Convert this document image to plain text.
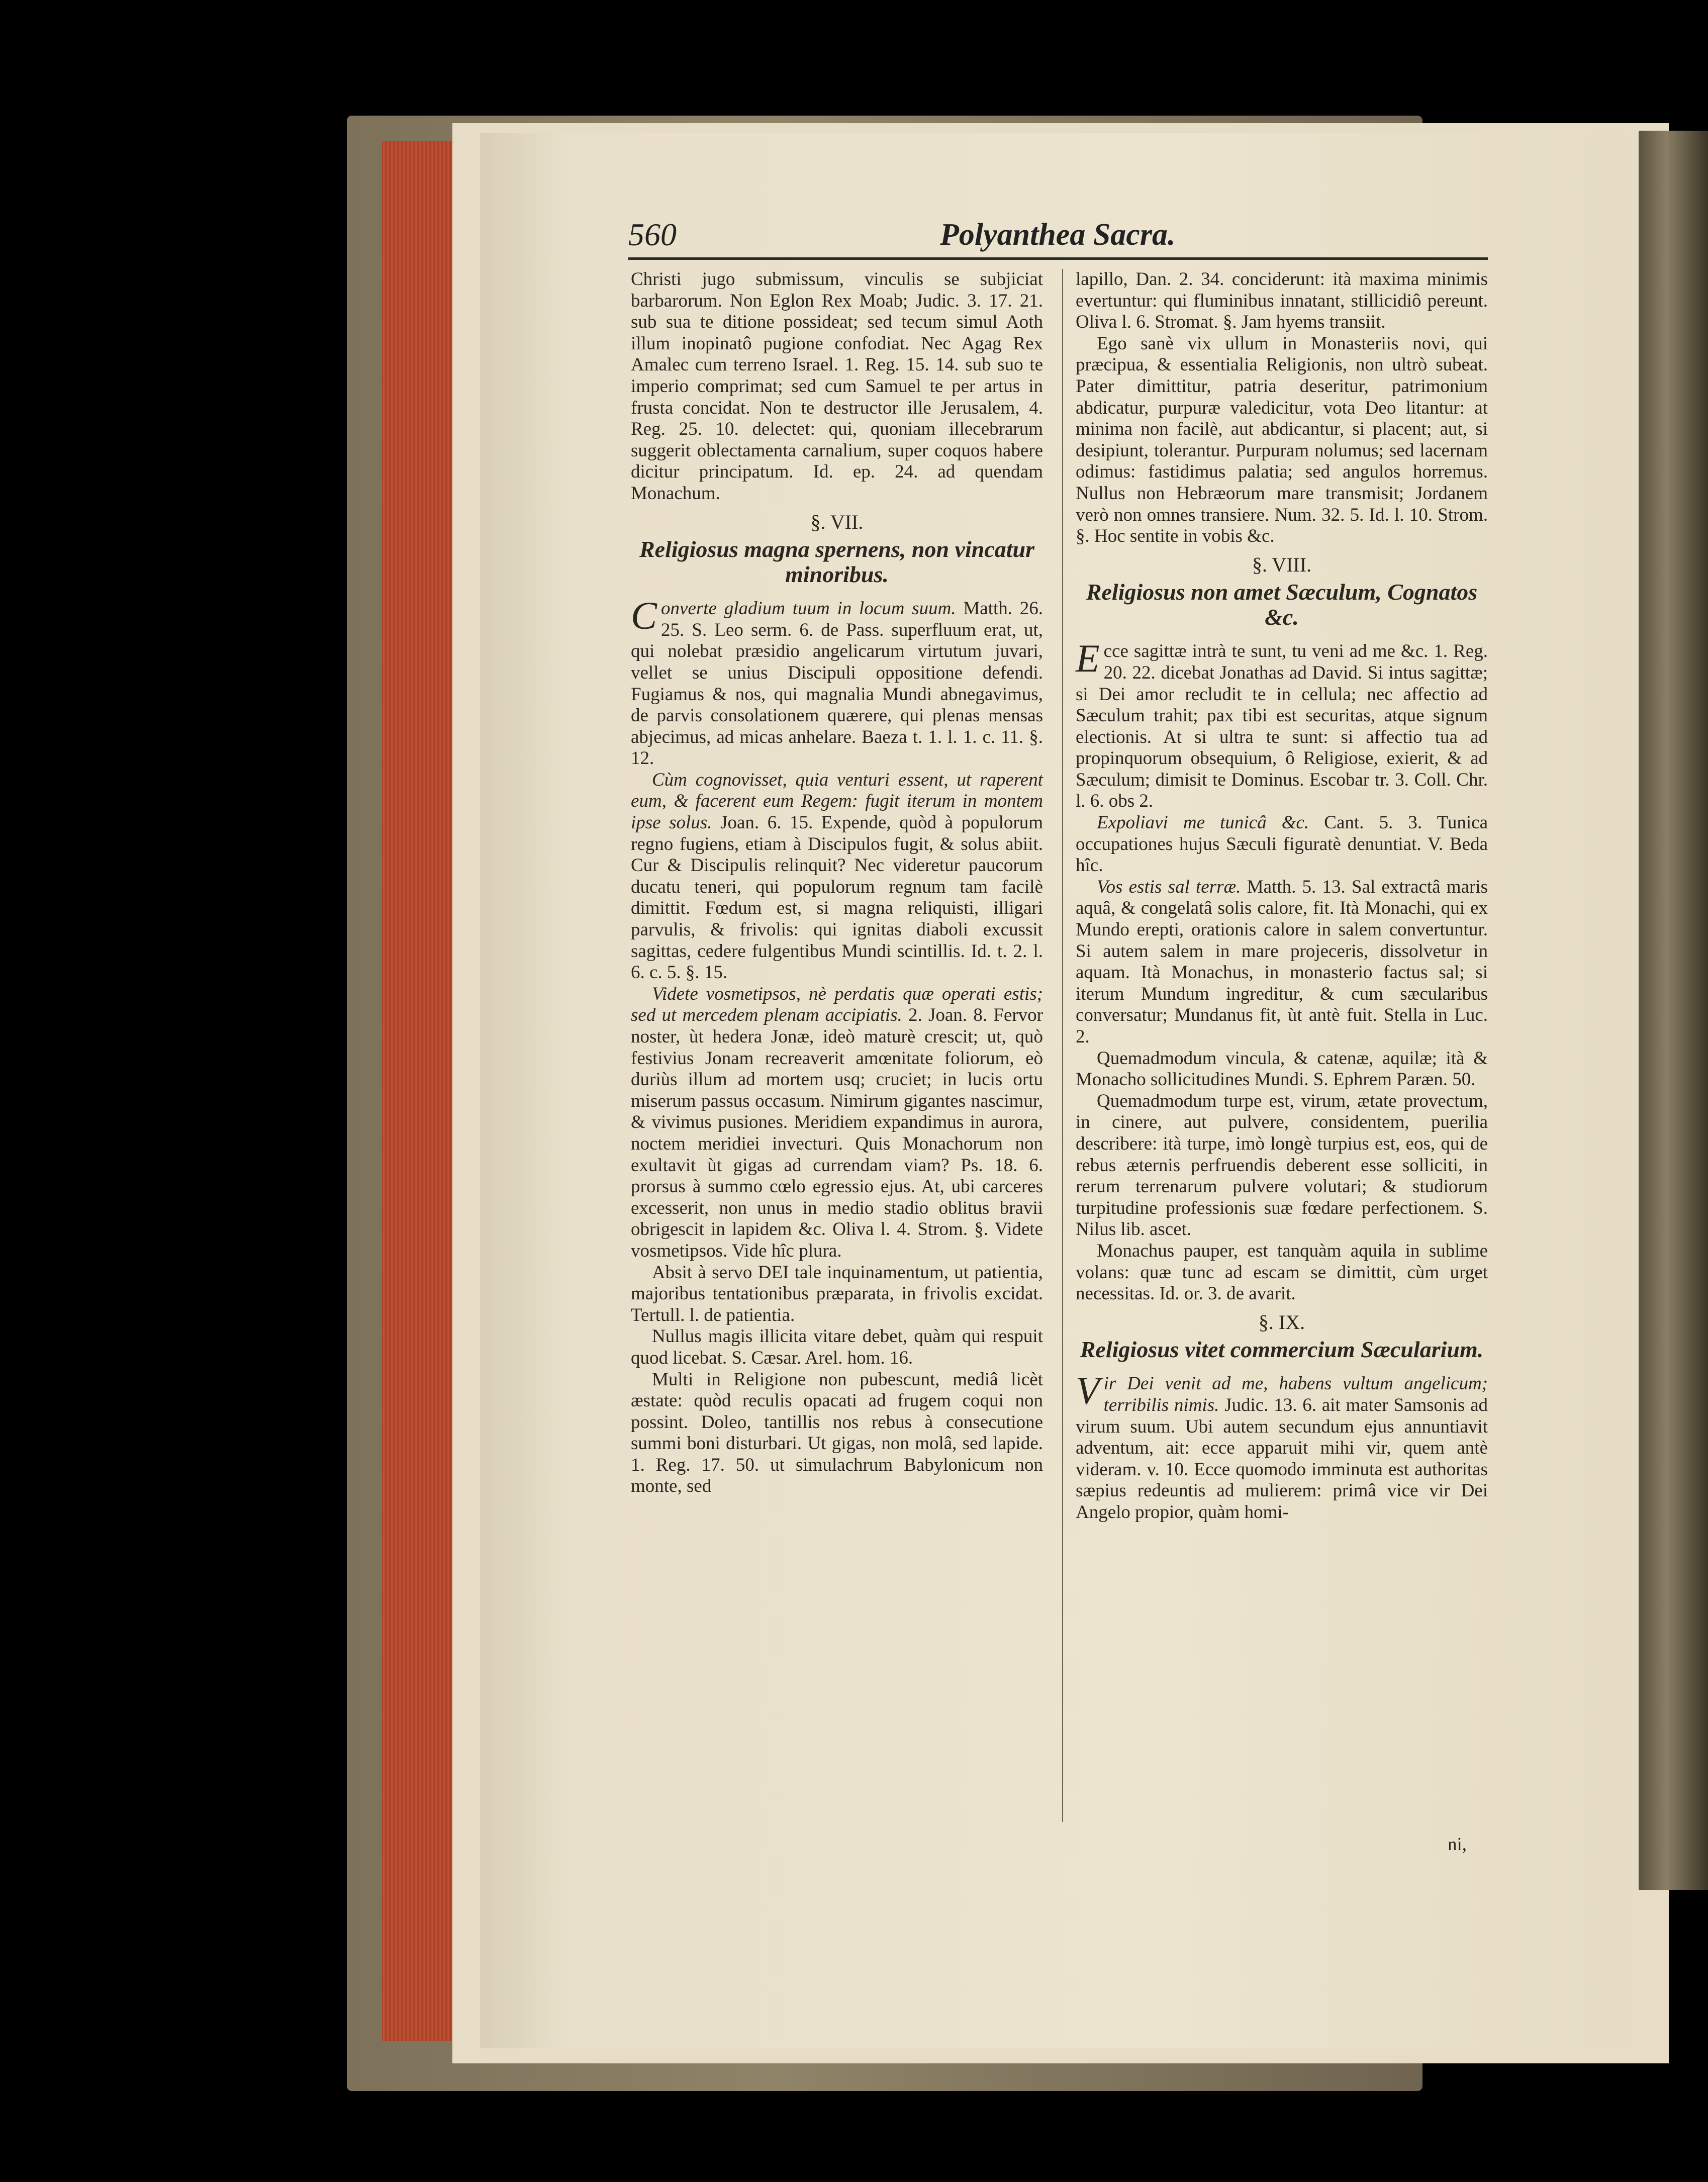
560	Polyanthea Sacra.

Christi jugo submissum, vinculis se subjiciat barbarorum. Non Eglon Rex Moab; Judic. 3. 17. 21. sub sua te ditione possideat; sed tecum simul Aoth illum inopinatô pugione confodiat. Nec Agag Rex Amalec cum terreno Israel. 1. Reg. 15. 14. sub suo te imperio comprimat; sed cum Samuel te per artus in frusta concidat. Non te destructor ille Jerusalem, 4. Reg. 25. 10. delectet: qui, quoniam illecebrarum suggerit oblectamenta carnalium, super coquos habere dicitur principatum. Id. ep. 24. ad quendam Monachum.

§. VII.
Religiosus magna spernens, non vincatur minoribus.

Converte gladium tuum in locum suum. Matth. 26. 25. S. Leo serm. 6. de Pass. superfluum erat, ut, qui nolebat præsidio angelicarum virtutum juvari, vellet se unius Discipuli oppositione defendi. Fugiamus & nos, qui magnalia Mundi abnegavimus, de parvis consolationem quærere, qui plenas mensas abjecimus, ad micas anhelare. Baeza t. 1. l. 1. c. 11. §. 12.

Cùm cognovisset, quia venturi essent, ut raperent eum, & facerent eum Regem: fugit iterum in montem ipse solus. Joan. 6. 15. Expende, quòd à populorum regno fugiens, etiam à Discipulos fugit, & solus abiit. Cur & Discipulis relinquit? Nec videretur paucorum ducatu teneri, qui populorum regnum tam facilè dimittit. Fœdum est, si magna reliquisti, illigari parvulis, & frivolis: qui ignitas diaboli excussit sagittas, cedere fulgentibus Mundi scintillis. Id. t. 2. l. 6. c. 5. §. 15.

Videte vosmetipsos, nè perdatis quæ operati estis; sed ut mercedem plenam accipiatis. 2. Joan. 8. Fervor noster, ùt hedera Jonæ, ideò maturè crescit; ut, quò festivius Jonam recreaverit amœnitate foliorum, eò duriùs illum ad mortem usq; cruciet; in lucis ortu miserum passus occasum. Nimirum gigantes nascimur, & vivimus pusiones. Meridiem expandimus in aurora, noctem meridiei invecturi. Quis Monachorum non exultavit ùt gigas ad currendam viam? Ps. 18. 6. prorsus à summo cœlo egressio ejus. At, ubi carceres excesserit, non unus in medio stadio oblitus bravii obrigescit in lapidem &c. Oliva l. 4. Strom. §. Videte vosmetipsos. Vide hîc plura.

Absit à servo DEI tale inquinamentum, ut patientia, majoribus tentationibus præparata, in frivolis excidat. Tertull. l. de patientia.

Nullus magis illicita vitare debet, quàm qui respuit quod licebat. S. Cæsar. Arel. hom. 16.

Multi in Religione non pubescunt, mediâ licèt æstate: quòd reculis opacati ad frugem coqui non possint. Doleo, tantillis nos rebus à consecutione summi boni disturbari. Ut gigas, non molâ, sed lapide. 1. Reg. 17. 50. ut simulachrum Babylonicum non monte, sed

lapillo, Dan. 2. 34. conciderunt: ità maxima minimis evertuntur: qui fluminibus innatant, stillicidiô pereunt. Oliva l. 6. Stromat. §. Jam hyems transiit.

Ego sanè vix ullum in Monasteriis novi, qui præcipua, & essentialia Religionis, non ultrò subeat. Pater dimittitur, patria deseritur, patrimonium abdicatur, purpuræ valedicitur, vota Deo litantur: at minima non facilè, aut abdicantur, si placent; aut, si desipiunt, tolerantur. Purpuram nolumus; sed lacernam odimus: fastidimus palatia; sed angulos horremus. Nullus non Hebræorum mare transmisit; Jordanem verò non omnes transiere. Num. 32. 5. Id. l. 10. Strom. §. Hoc sentite in vobis &c.

§. VIII.
Religiosus non amet Sæculum, Cognatos &c.

Ecce sagittæ intrà te sunt, tu veni ad me &c. 1. Reg. 20. 22. dicebat Jonathas ad David. Si intus sagittæ; si Dei amor recludit te in cellula; nec affectio ad Sæculum trahit; pax tibi est securitas, atque signum electionis. At si ultra te sunt: si affectio tua ad propinquorum obsequium, ô Religiose, exierit, & ad Sæculum; dimisit te Dominus. Escobar tr. 3. Coll. Chr. l. 6. obs 2.

Expoliavi me tunicâ &c. Cant. 5. 3. Tunica occupationes hujus Sæculi figuratè denuntiat. V. Beda hîc.

Vos estis sal terræ. Matth. 5. 13. Sal extractâ maris aquâ, & congelatâ solis calore, fit. Ità Monachi, qui ex Mundo erepti, orationis calore in salem convertuntur. Si autem salem in mare projeceris, dissolvetur in aquam. Ità Monachus, in monasterio factus sal; si iterum Mundum ingreditur, & cum sæcularibus conversatur; Mundanus fit, ùt antè fuit. Stella in Luc. 2.

Quemadmodum vincula, & catenæ, aquilæ; ità & Monacho sollicitudines Mundi. S. Ephrem Paræn. 50.

Quemadmodum turpe est, virum, ætate provectum, in cinere, aut pulvere, considentem, puerilia describere: ità turpe, imò longè turpius est, eos, qui de rebus æternis perfruendis deberent esse solliciti, in rerum terrenarum pulvere volutari; & studiorum turpitudine professionis suæ fœdare perfectionem. S. Nilus lib. ascet.

Monachus pauper, est tanquàm aquila in sublime volans: quæ tunc ad escam se dimittit, cùm urget necessitas. Id. or. 3. de avarit.

§. IX.
Religiosus vitet commercium Sæcularium.

Vir Dei venit ad me, habens vultum angelicum; terribilis nimis. Judic. 13. 6. ait mater Samsonis ad virum suum. Ubi autem secundum ejus annuntiavit adventum, ait: ecce apparuit mihi vir, quem antè videram. v. 10. Ecce quomodo imminuta est authoritas sæpius redeuntis ad mulierem: primâ vice vir Dei Angelo propior, quàm homi-

ni,
